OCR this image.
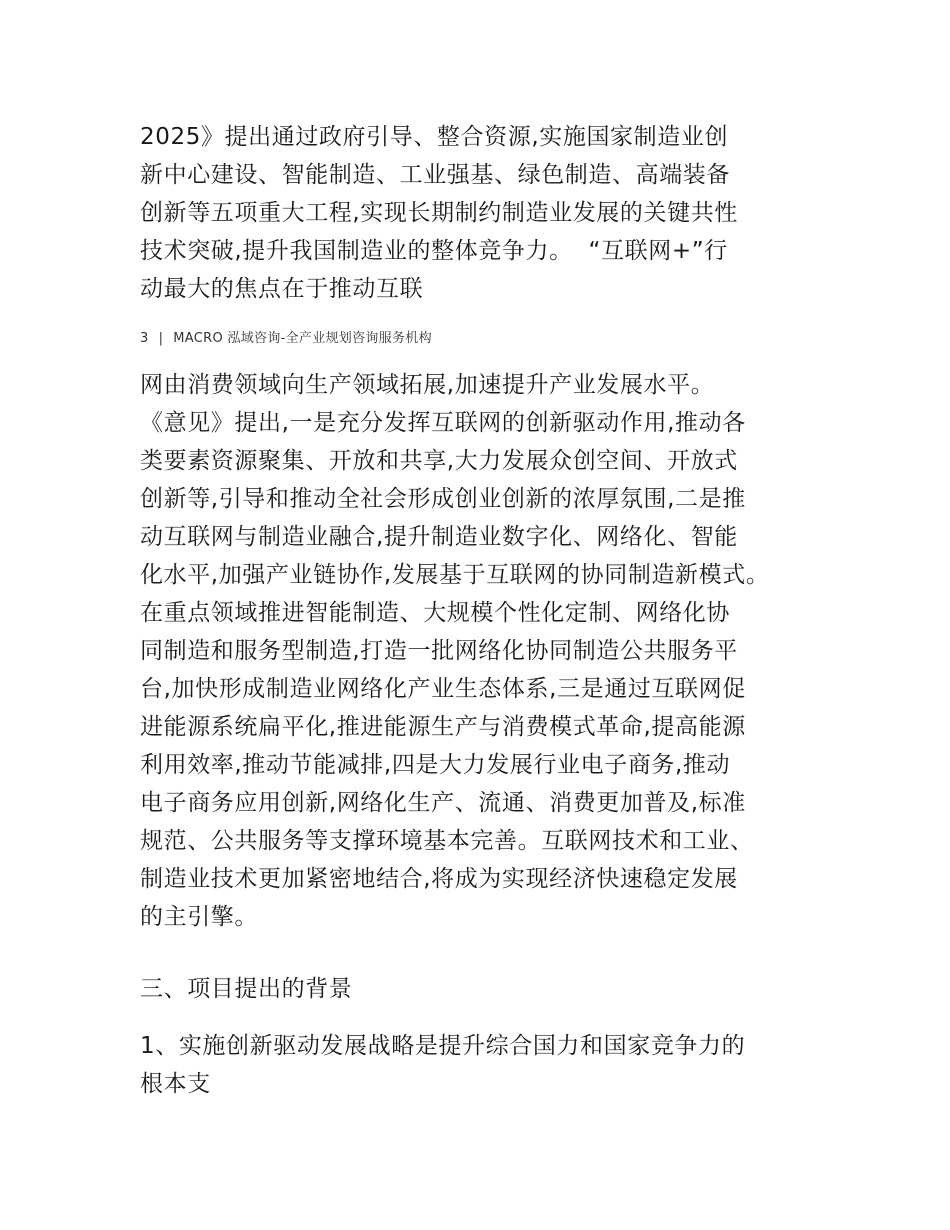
2025》提出通过政府引导、整合资源,实施国家制造业创
新中心建设、智能制造、工业强基、绿色制造、高端装备
创新等五项重大工程,实现长期制约制造业发展的关键共性
技术突破,提升我国制造业的整体竞争力。  “互联网+”行
动最大的焦点在于推动互联
3 | MACRO 泓域咨询-全产业规划咨询服务机构
网由消费领域向生产领域拓展,加速提升产业发展水平。
《意见》提出,一是充分发挥互联网的创新驱动作用,推动各
类要素资源聚集、开放和共享,大力发展众创空间、开放式
创新等,引导和推动全社会形成创业创新的浓厚氛围,二是推
动互联网与制造业融合,提升制造业数字化、网络化、智能
化水平,加强产业链协作,发展基于互联网的协同制造新模式。
在重点领域推进智能制造、大规模个性化定制、网络化协
同制造和服务型制造,打造一批网络化协同制造公共服务平
台,加快形成制造业网络化产业生态体系,三是通过互联网促
进能源系统扁平化,推进能源生产与消费模式革命,提高能源
利用效率,推动节能减排,四是大力发展行业电子商务,推动
电子商务应用创新,网络化生产、流通、消费更加普及,标准
规范、公共服务等支撑环境基本完善。互联网技术和工业、
制造业技术更加紧密地结合,将成为实现经济快速稳定发展
的主引擎。
三、项目提出的背景
1、实施创新驱动发展战略是提升综合国力和国家竞争力的
根本支
